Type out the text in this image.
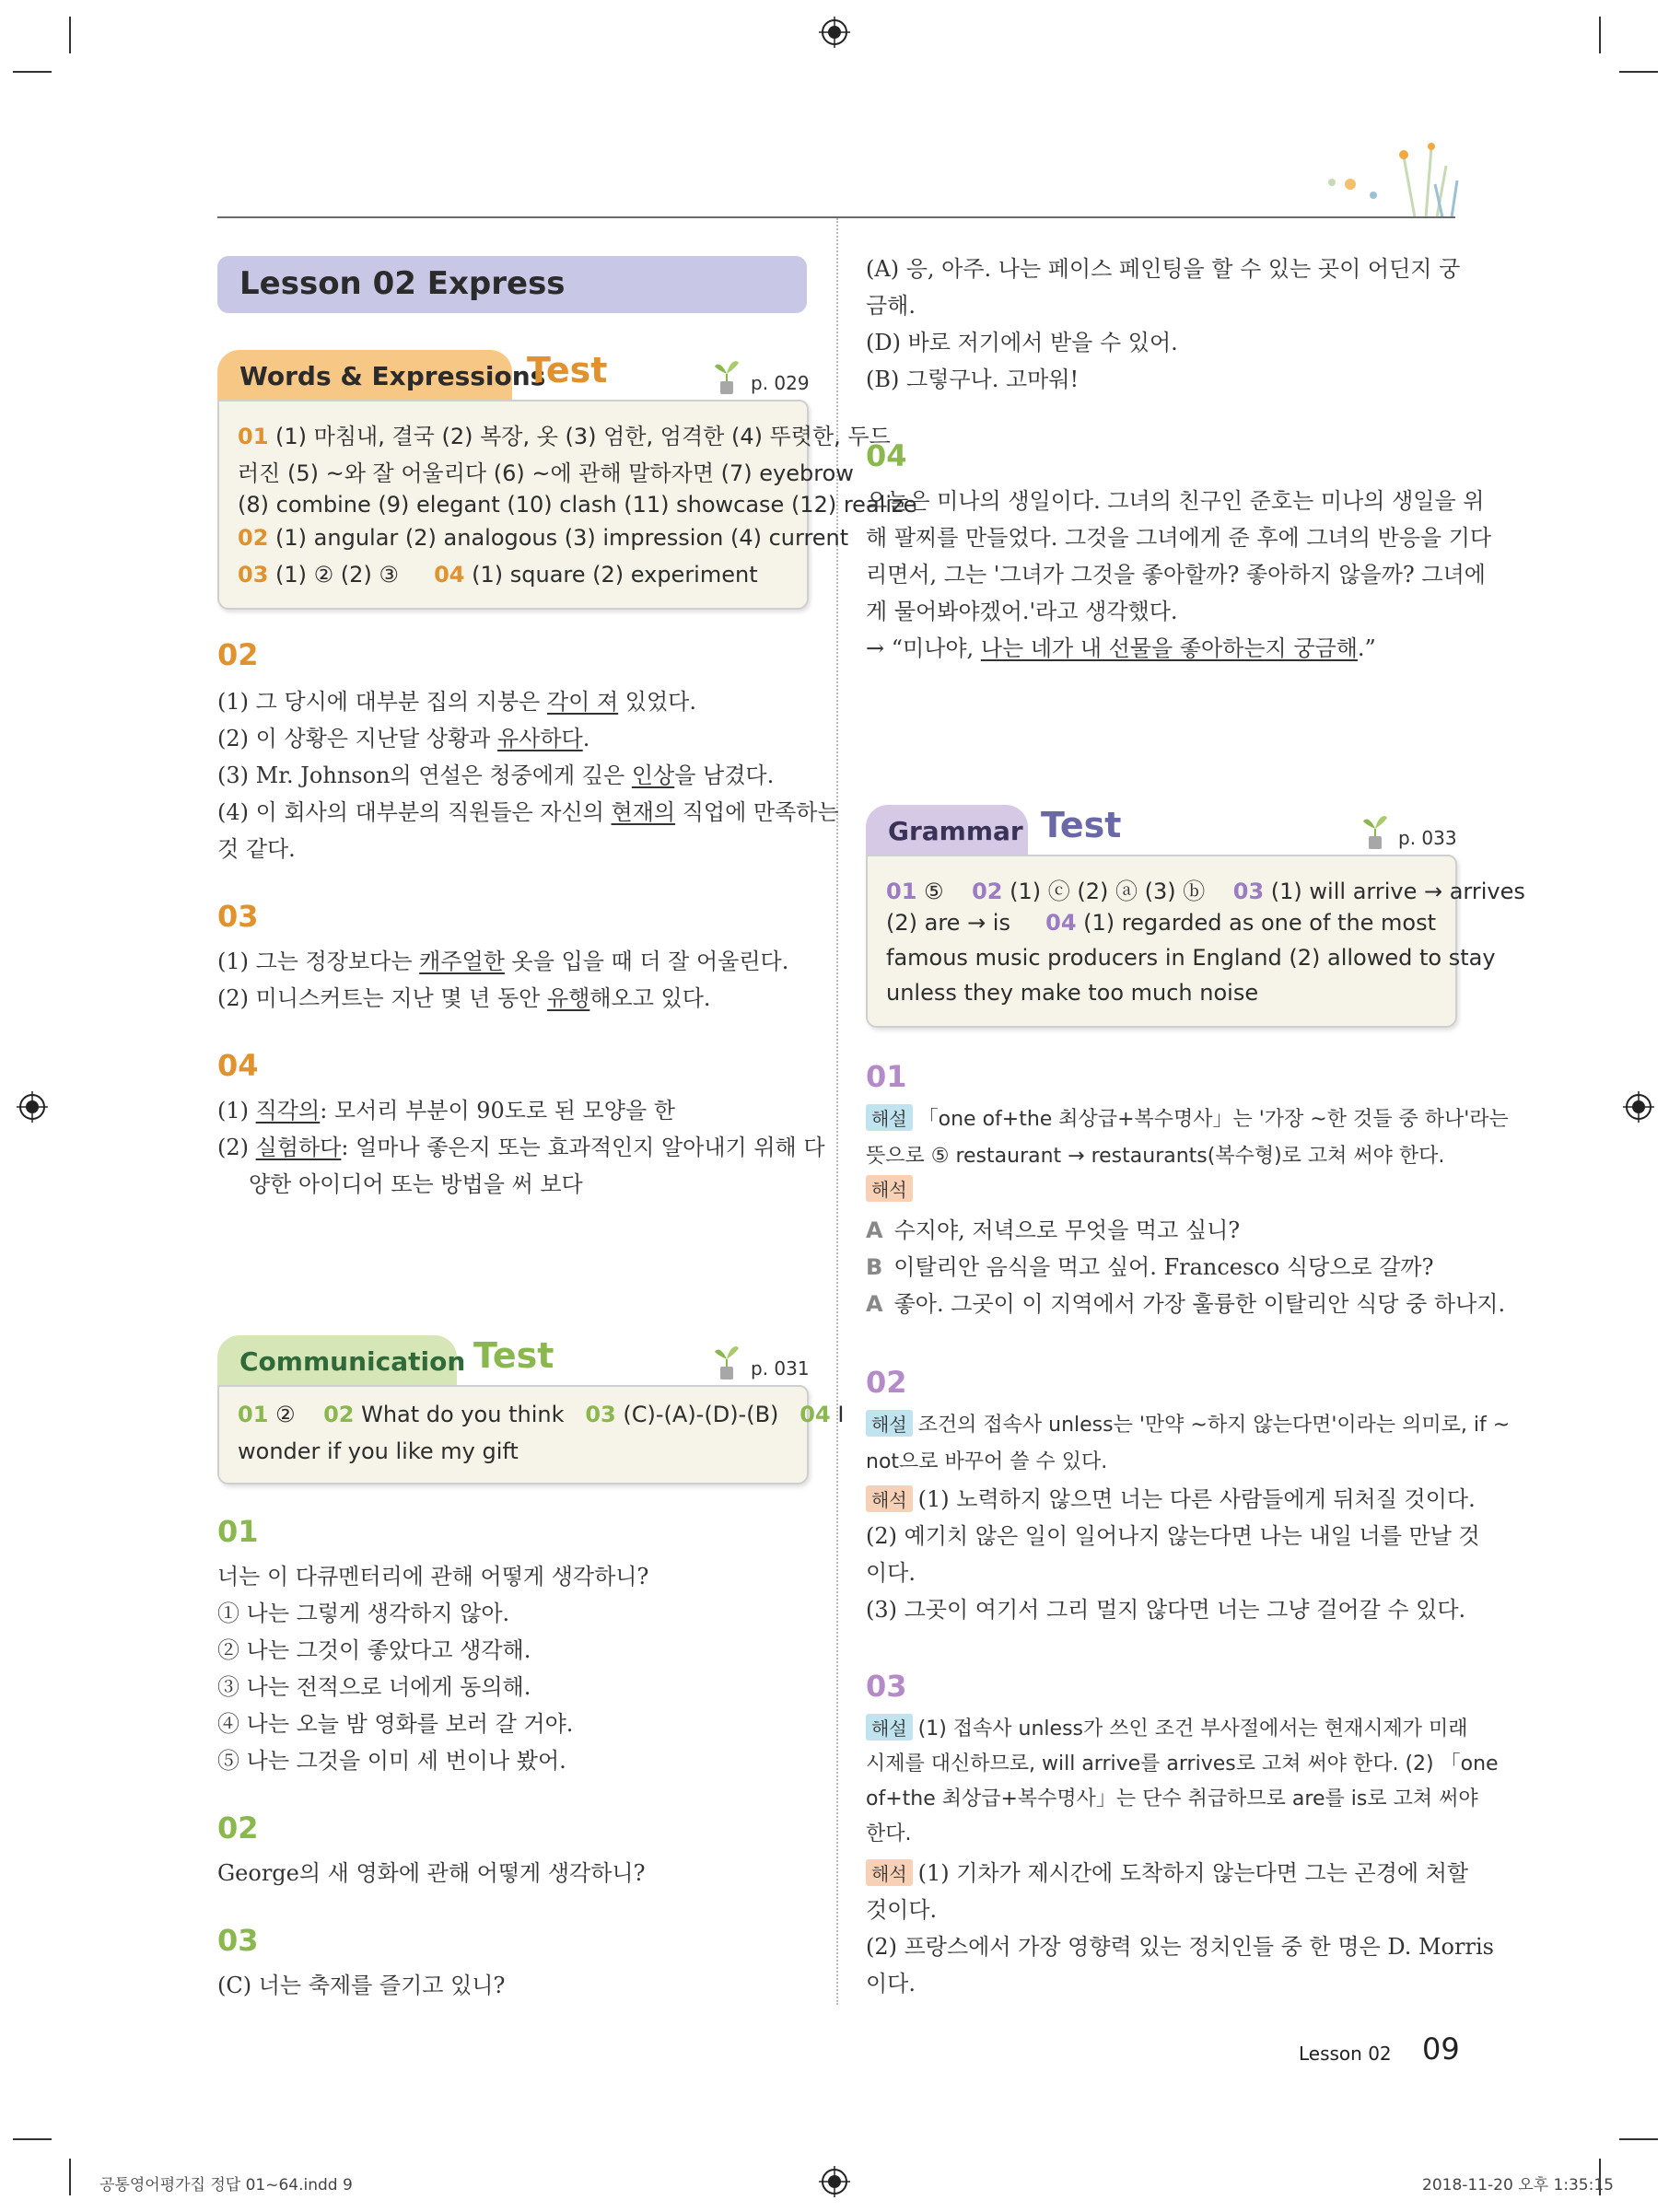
Lesson 02 Express
Words & Expressions
Test	p. 029
01 (1) 마침내, 결국 (2) 복장, 옷 (3) 엄한, 엄격한 (4) 뚜렷한, 두드
러진 (5) ~와 잘 어울리다 (6) ~에 관해 말하자면 (7) eyebrow
(8) combine (9) elegant (10) clash (11) showcase (12) realize
02 (1) angular (2) analogous (3) impression (4) current
03 (1) ② (2) ③     04 (1) square (2) experiment
02
(1) 그 당시에 대부분 집의 지붕은 각이 져 있었다.
(2) 이 상황은 지난달 상황과 유사하다.
(3) Mr. Johnson의 연설은 청중에게 깊은 인상을 남겼다.
(4) 이 회사의 대부분의 직원들은 자신의 현재의 직업에 만족하는
것 같다.
03
(1) 그는 정장보다는 캐주얼한 옷을 입을 때 더 잘 어울린다.
(2) 미니스커트는 지난 몇 년 동안 유행해오고 있다.
04
(1) 직각의: 모서리 부분이 90도로 된 모양을 한
(2) 실험하다: 얼마나 좋은지 또는 효과적인지 알아내기 위해 다
양한 아이디어 또는 방법을 써 보다
Communication Test	p. 031
01 ②    02 What do you think   03 (C)-(A)-(D)-(B)   04 I
wonder if you like my gift
01
너는 이 다큐멘터리에 관해 어떻게 생각하니?
① 나는 그렇게 생각하지 않아.
② 나는 그것이 좋았다고 생각해.
③ 나는 전적으로 너에게 동의해.
④ 나는 오늘 밤 영화를 보러 갈 거야.
⑤ 나는 그것을 이미 세 번이나 봤어.
02
George의 새 영화에 관해 어떻게 생각하니?
03
(C) 너는 축제를 즐기고 있니?
(A) 응, 아주. 나는 페이스 페인팅을 할 수 있는 곳이 어딘지 궁
금해.
(D) 바로 저기에서 받을 수 있어.
(B) 그렇구나. 고마워!
04
오늘은 미나의 생일이다. 그녀의 친구인 준호는 미나의 생일을 위
해 팔찌를 만들었다. 그것을 그녀에게 준 후에 그녀의 반응을 기다
리면서, 그는 '그녀가 그것을 좋아할까? 좋아하지 않을까? 그녀에
게 물어봐야겠어.'라고 생각했다.
→ “미나야, 나는 네가 내 선물을 좋아하는지 궁금해.”
Grammar Test	p. 033
01 ⑤    02 (1) ⓒ (2) ⓐ (3) ⓑ    03 (1) will arrive → arrives
(2) are → is     04 (1) regarded as one of the most
famous music producers in England (2) allowed to stay
unless they make too much noise
01
해설 「one of+the 최상급+복수명사」는 '가장 ~한 것들 중 하나'라는
뜻으로 ⑤ restaurant → restaurants(복수형)로 고쳐 써야 한다.
해석
A 수지야, 저녁으로 무엇을 먹고 싶니?
B 이탈리안 음식을 먹고 싶어. Francesco 식당으로 갈까?
A 좋아. 그곳이 이 지역에서 가장 훌륭한 이탈리안 식당 중 하나지.
02
해설 조건의 접속사 unless는 '만약 ~하지 않는다면'이라는 의미로, if ~
not으로 바꾸어 쓸 수 있다.
해석 (1) 노력하지 않으면 너는 다른 사람들에게 뒤처질 것이다.
(2) 예기치 않은 일이 일어나지 않는다면 나는 내일 너를 만날 것
이다.
(3) 그곳이 여기서 그리 멀지 않다면 너는 그냥 걸어갈 수 있다.
03
해설 (1) 접속사 unless가 쓰인 조건 부사절에서는 현재시제가 미래
시제를 대신하므로, will arrive를 arrives로 고쳐 써야 한다. (2) 「one
of+the 최상급+복수명사」는 단수 취급하므로 are를 is로 고쳐 써야
한다.
해석 (1) 기차가 제시간에 도착하지 않는다면 그는 곤경에 처할
것이다.
(2) 프랑스에서 가장 영향력 있는 정치인들 중 한 명은 D. Morris
이다.
Lesson 02 09
공통영어평가집 정답 01~64.indd 9	2018-11-20 오후 1:35:15
